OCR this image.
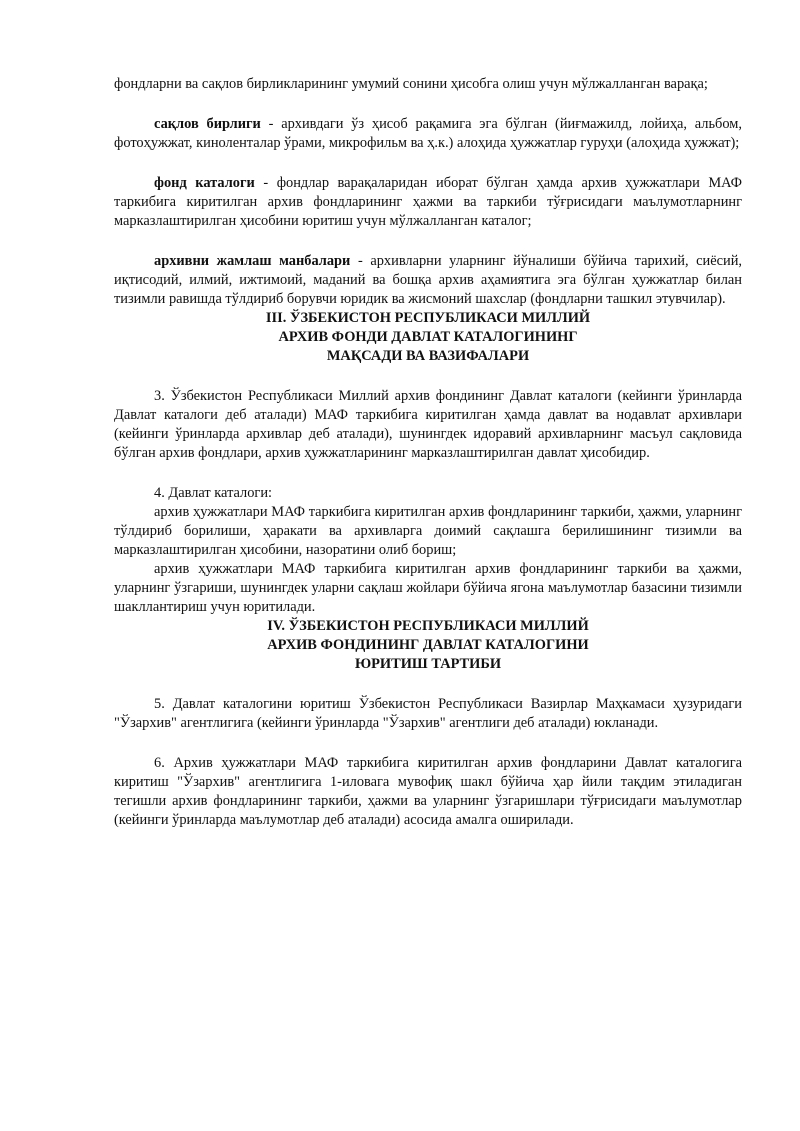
фондларни ва сақлов бирликларининг умумий сонини ҳисобга олиш учун мўлжалланган варақа;

сақлов бирлиги - архивдаги ўз ҳисоб рақамига эга бўлган (йиғмажилд, лойиҳа, альбом, фотоҳужжат, киноленталар ўрами, микрофильм ва ҳ.к.) алоҳида ҳужжатлар гуруҳи (алоҳида ҳужжат);

фонд каталоги - фондлар варақаларидан иборат бўлган ҳамда архив ҳужжатлари МАФ таркибига киритилган архив фондларининг ҳажми ва таркиби тўғрисидаги маълумотларнинг марказлаштирилган ҳисобини юритиш учун мўлжалланган каталог;

архивни жамлаш манбалари - архивларни уларнинг йўналиши бўйича тарихий, сиёсий, иқтисодий, илмий, ижтимоий, маданий ва бошқа архив аҳамиятига эга бўлган ҳужжатлар билан тизимли равишда тўлдириб борувчи юридик ва жисмоний шахслар (фондларни ташкил этувчилар).

III. ЎЗБЕКИСТОН РЕСПУБЛИКАСИ МИЛЛИЙ
АРХИВ ФОНДИ ДАВЛАТ КАТАЛОГИНИНГ
МАҚСАДИ ВА ВАЗИФАЛАРИ

3. Ўзбекистон Республикаси Миллий архив фондининг Давлат каталоги (кейинги ўринларда Давлат каталоги деб аталади) МАФ таркибига киритилган ҳамда давлат ва нодавлат архивлари (кейинги ўринларда архивлар деб аталади), шунингдек идоравий архивларнинг масъул сақловида бўлган архив фондлари, архив ҳужжатларининг марказлаштирилган давлат ҳисобидир.

4. Давлат каталоги:

архив ҳужжатлари МАФ таркибига киритилган архив фондларининг таркиби, ҳажми, уларнинг тўлдириб борилиши, ҳаракати ва архивларга доимий сақлашга берилишининг тизимли ва марказлаштирилган ҳисобини, назоратини олиб бориш;

архив ҳужжатлари МАФ таркибига киритилган архив фондларининг таркиби ва ҳажми, уларнинг ўзгариши, шунингдек уларни сақлаш жойлари бўйича ягона маълумотлар базасини тизимли шакллантириш учун юритилади.

IV. ЎЗБЕКИСТОН РЕСПУБЛИКАСИ МИЛЛИЙ
АРХИВ ФОНДИНИНГ ДАВЛАТ КАТАЛОГИНИ
ЮРИТИШ ТАРТИБИ

5. Давлат каталогини юритиш Ўзбекистон Республикаси Вазирлар Маҳкамаси ҳузуридаги "Ўзархив" агентлигига (кейинги ўринларда "Ўзархив" агентлиги деб аталади) юкланади.

6. Архив ҳужжатлари МАФ таркибига киритилган архив фондларини Давлат каталогига киритиш "Ўзархив" агентлигига 1-иловага мувофиқ шакл бўйича ҳар йили тақдим этиладиган тегишли архив фондларининг таркиби, ҳажми ва уларнинг ўзгаришлари тўғрисидаги маълумотлар (кейинги ўринларда маълумотлар деб аталади) асосида амалга оширилади.
